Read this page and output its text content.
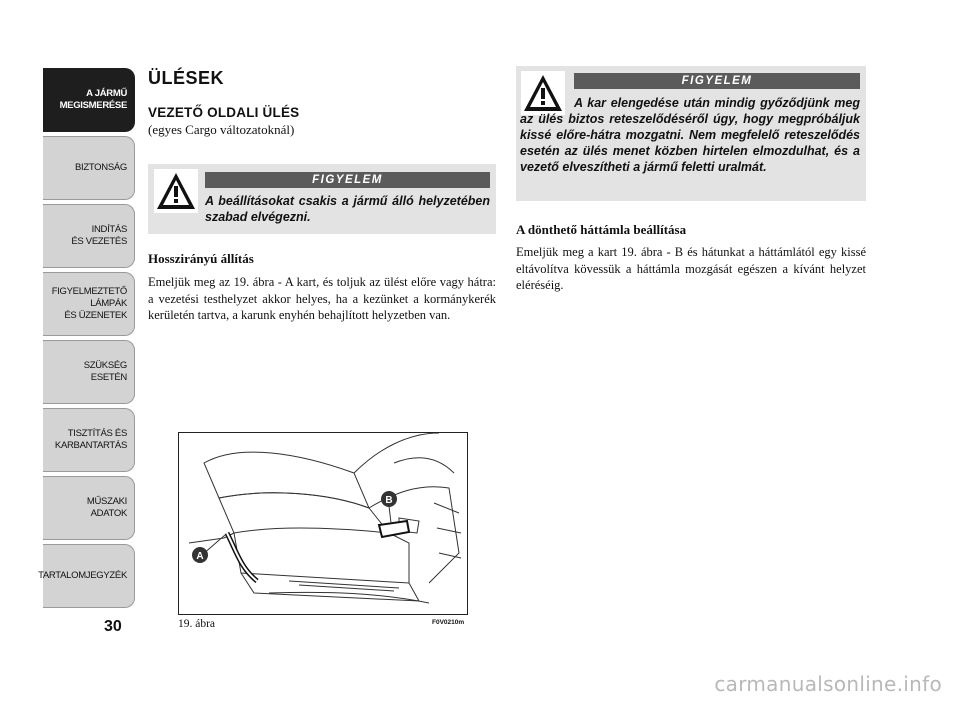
A JÁRMŰ
MEGISMERÉSE
BIZTONSÁG
INDÍTÁS
ÉS VEZETÉS
FIGYELMEZTETŐ
LÁMPÁK
ÉS ÜZENETEK
SZÜKSÉG
ESETÉN
TISZTÍTÁS ÉS
KARBANTARTÁS
MŰSZAKI
ADATOK
TARTALOMJEGYZÉK
30
ÜLÉSEK
VEZETŐ OLDALI ÜLÉS
(egyes Cargo változatoknál)
FIGYELEM

A beállításokat csakis a jármű álló helyzetében szabad elvégezni.

Hosszirányú állítás

Emeljük meg az 19. ábra - A kart, és toljuk az ülést előre vagy hátra: a vezetési testhelyzet akkor helyes, ha a kezünket a kormánykerék kerületén tartva, a karunk enyhén behajlított helyzetben van.

A
B
19. ábra	F0V0210m
FIGYELEM

A kar elengedése után mindig győződjünk meg az ülés biztos reteszelődéséről úgy, hogy megpróbáljuk kissé előre-hátra mozgatni. Nem megfelelő reteszelődés esetén az ülés menet közben hirtelen elmozdulhat, és a vezető elveszítheti a jármű feletti uralmát.

A dönthető háttámla beállítása

Emeljük meg a kart 19. ábra - B és hátunkat a háttámlától egy kissé eltávolítva kövessük a háttámla mozgását egészen a kívánt helyzet eléréséig.

carmanualsonline.info
